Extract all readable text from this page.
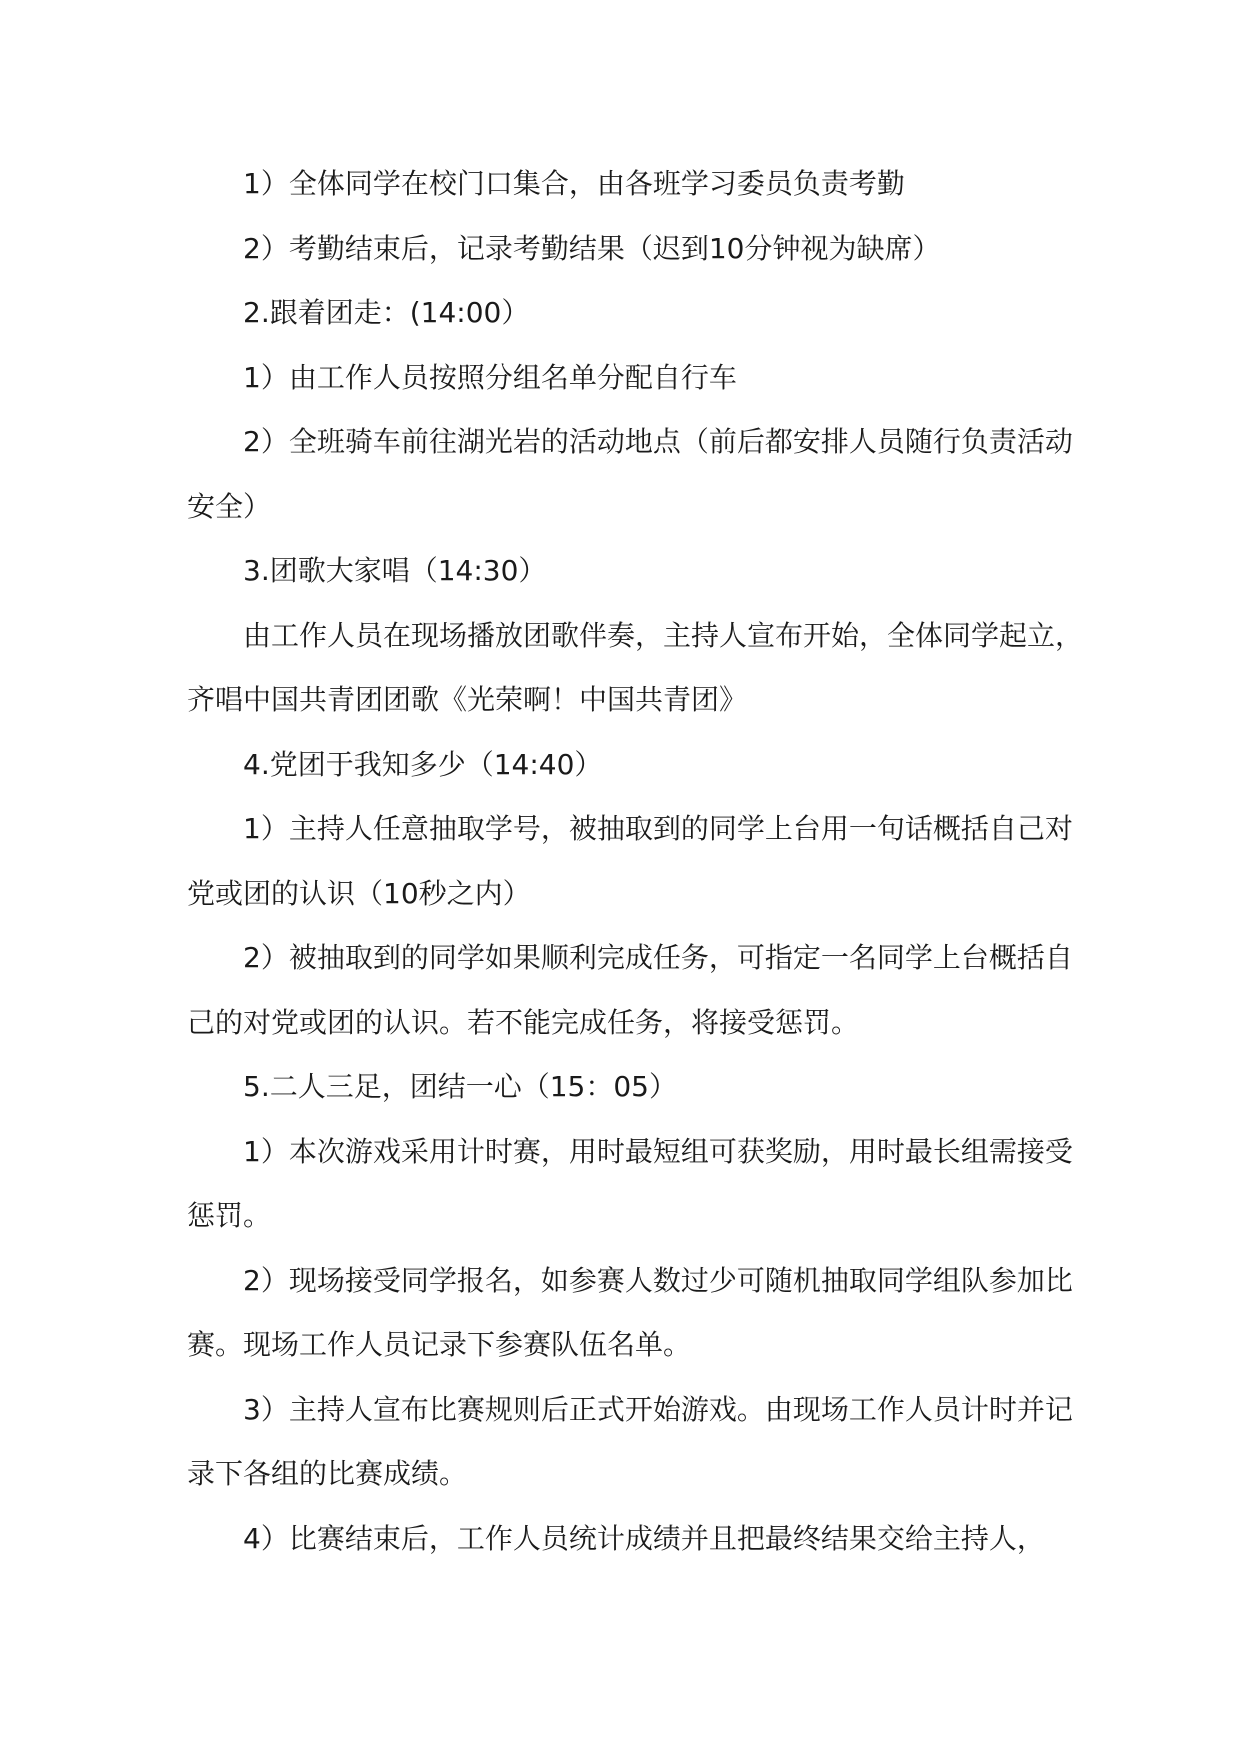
1）全体同学在校门口集合，由各班学习委员负责考勤

2）考勤结束后，记录考勤结果（迟到10分钟视为缺席）

2.跟着团走：(14:00）

1）由工作人员按照分组名单分配自行车

2）全班骑车前往湖光岩的活动地点（前后都安排人员随行负责活动安全）

3.团歌大家唱（14:30）

由工作人员在现场播放团歌伴奏，主持人宣布开始，全体同学起立，齐唱中国共青团团歌《光荣啊！中国共青团》

4.党团于我知多少（14:40）

1）主持人任意抽取学号，被抽取到的同学上台用一句话概括自己对党或团的认识（10秒之内）

2）被抽取到的同学如果顺利完成任务，可指定一名同学上台概括自己的对党或团的认识。若不能完成任务，将接受惩罚。

5.二人三足，团结一心（15：05）

1）本次游戏采用计时赛，用时最短组可获奖励，用时最长组需接受惩罚。

2）现场接受同学报名，如参赛人数过少可随机抽取同学组队参加比赛。现场工作人员记录下参赛队伍名单。

3）主持人宣布比赛规则后正式开始游戏。由现场工作人员计时并记录下各组的比赛成绩。

4）比赛结束后，工作人员统计成绩并且把最终结果交给主持人，
